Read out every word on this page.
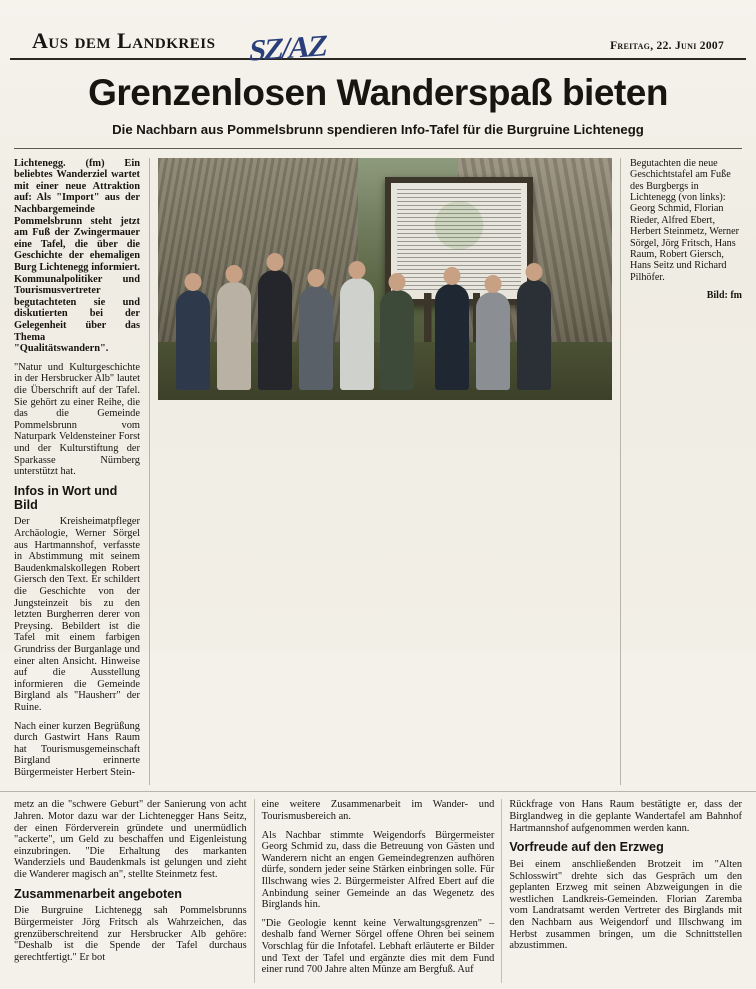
Aus dem Landkreis SZ/AZ	Freitag, 22. Juni 2007
Grenzenlosen Wanderspaß bieten
Die Nachbarn aus Pommelsbrunn spendieren Info-Tafel für die Burgruine Lichtenegg

Lichtenegg. (fm) Ein beliebtes Wanderziel wartet mit einer neue Attraktion auf: Als "Import" aus der Nachbargemeinde Pommelsbrunn steht jetzt am Fuß der Zwingermauer eine Tafel, die über die Geschichte der ehemaligen Burg Lichtenegg informiert. Kommunalpolitiker und Tourismusvertreter begutachteten sie und diskutierten bei der Gelegenheit über das Thema "Qualitätswandern".

"Natur und Kulturgeschichte in der Hersbrucker Alb" lautet die Überschrift auf der Tafel. Sie gehört zu einer Reihe, die das die Gemeinde Pommelsbrunn vom Naturpark Veldensteiner Forst und der Kulturstiftung der Sparkasse Nürnberg unterstützt hat.

Infos in Wort und Bild

Der Kreisheimatpfleger Archäologie, Werner Sörgel aus Hartmannshof, verfasste in Abstimmung mit seinem Baudenkmalskollegen Robert Giersch den Text. Er schildert die Geschichte von der Jungsteinzeit bis zu den letzten Burgherren derer von Preysing. Bebildert ist die Tafel mit einem farbigen Grundriss der Burganlage und einer alten Ansicht. Hinweise auf die Ausstellung informieren die Gemeinde Birgland als "Hausherr" der Ruine.

Nach einer kurzen Begrüßung durch Gastwirt Hans Raum hat Tourismusgemeinschaft Birgland erinnerte Bürgermeister Herbert Stein-

Begutachten die neue Geschichtstafel am Fuße des Burgbergs in Lichtenegg (von links): Georg Schmid, Florian Rieder, Alfred Ebert, Herbert Steinmetz, Werner Sörgel, Jörg Fritsch, Hans Raum, Robert Giersch, Hans Seitz und Richard Pilhöfer.

Bild: fm

metz an die "schwere Geburt" der Sanierung von acht Jahren. Motor dazu war der Lichtenegger Hans Seitz, der einen Förderverein gründete und unermüdlich "ackerte", um Geld zu beschaffen und Eigenleistung einzubringen. "Die Erhaltung des markanten Wanderziels und Baudenkmals ist gelungen und zieht die Wanderer magisch an", stellte Steinmetz fest.

Zusammenarbeit angeboten

Die Burgruine Lichtenegg sah Pommelsbrunns Bürgermeister Jörg Fritsch als Wahrzeichen, das grenzüberschreitend zur Hersbrucker Alb gehöre: "Deshalb ist die Spende der Tafel durchaus gerechtfertigt." Er bot

eine weitere Zusammenarbeit im Wander- und Tourismusbereich an.

Als Nachbar stimmte Weigendorfs Bürgermeister Georg Schmid zu, dass die Betreuung von Gästen und Wanderern nicht an engen Gemeindegrenzen aufhören dürfe, sondern jeder seine Stärken einbringen solle. Für Illschwang wies 2. Bürgermeister Alfred Ebert auf die Anbindung seiner Gemeinde an das Wegenetz des Birglands hin.

"Die Geologie kennt keine Verwaltungsgrenzen" – deshalb fand Werner Sörgel offene Ohren bei seinem Vorschlag für die Infotafel. Lebhaft erläuterte er Bilder und Text der Tafel und ergänzte dies mit dem Fund einer rund 700 Jahre alten Münze am Bergfuß. Auf

Rückfrage von Hans Raum bestätigte er, dass der Birglandweg in die geplante Wandertafel am Bahnhof Hartmannshof aufgenommen werden kann.

Vorfreude auf den Erzweg

Bei einem anschließenden Brotzeit im "Alten Schlosswirt" drehte sich das Gespräch um den geplanten Erzweg mit seinen Abzweigungen in die westlichen Landkreis-Gemeinden. Florian Zaremba vom Landratsamt werden Vertreter des Birglands mit den Nachbarn aus Weigendorf und Illschwang im Herbst zusammen bringen, um die Schnittstellen abzustimmen.
